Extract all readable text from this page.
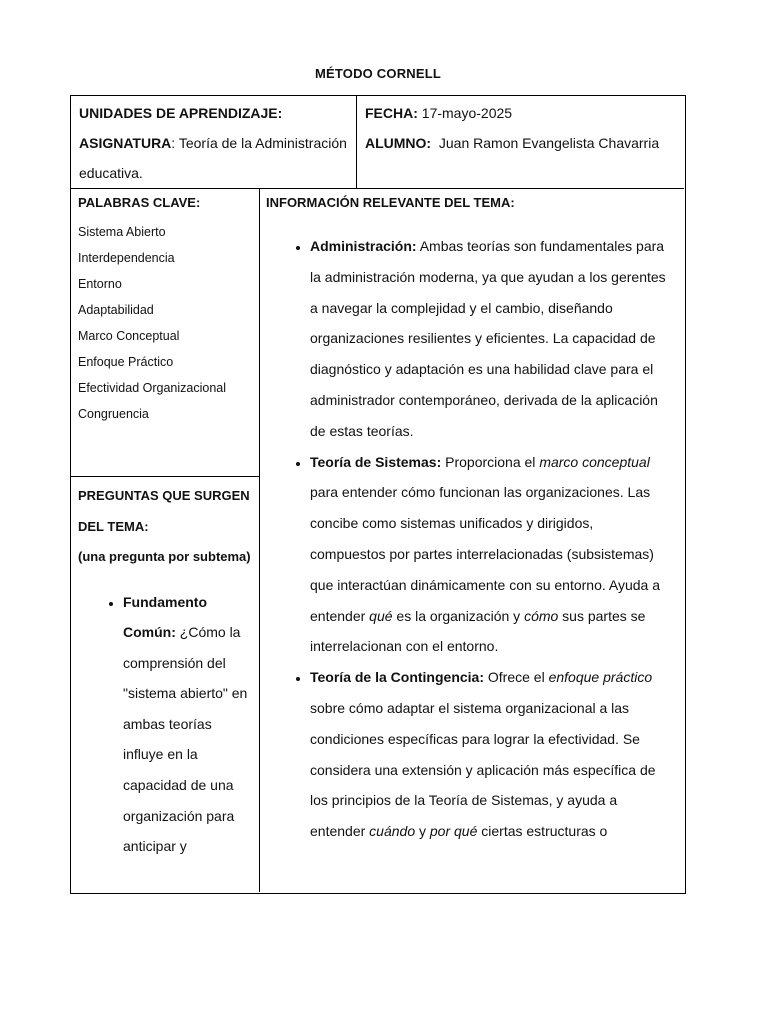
MÉTODO CORNELL
UNIDADES DE APRENDIZAJE:
ASIGNATURA: Teoría de la Administración educativa.
FECHA: 17-mayo-2025
ALUMNO:  Juan Ramon Evangelista Chavarria
PALABRAS CLAVE:
Sistema Abierto
Interdependencia
Entorno
Adaptabilidad
Marco Conceptual
Enfoque Práctico
Efectividad Organizacional
Congruencia
PREGUNTAS QUE SURGEN DEL TEMA:
(una pregunta por subtema)
• Fundamento Común: ¿Cómo la comprensión del "sistema abierto" en ambas teorías influye en la capacidad de una organización para anticipar y
INFORMACIÓN RELEVANTE DEL TEMA:
• Administración: Ambas teorías son fundamentales para la administración moderna, ya que ayudan a los gerentes a navegar la complejidad y el cambio, diseñando organizaciones resilientes y eficientes. La capacidad de diagnóstico y adaptación es una habilidad clave para el administrador contemporáneo, derivada de la aplicación de estas teorías.
• Teoría de Sistemas: Proporciona el marco conceptual para entender cómo funcionan las organizaciones. Las concibe como sistemas unificados y dirigidos, compuestos por partes interrelacionadas (subsistemas) que interactúan dinámicamente con su entorno. Ayuda a entender qué es la organización y cómo sus partes se interrelacionan con el entorno.
• Teoría de la Contingencia: Ofrece el enfoque práctico sobre cómo adaptar el sistema organizacional a las condiciones específicas para lograr la efectividad. Se considera una extensión y aplicación más específica de los principios de la Teoría de Sistemas, y ayuda a entender cuándo y por qué ciertas estructuras o
